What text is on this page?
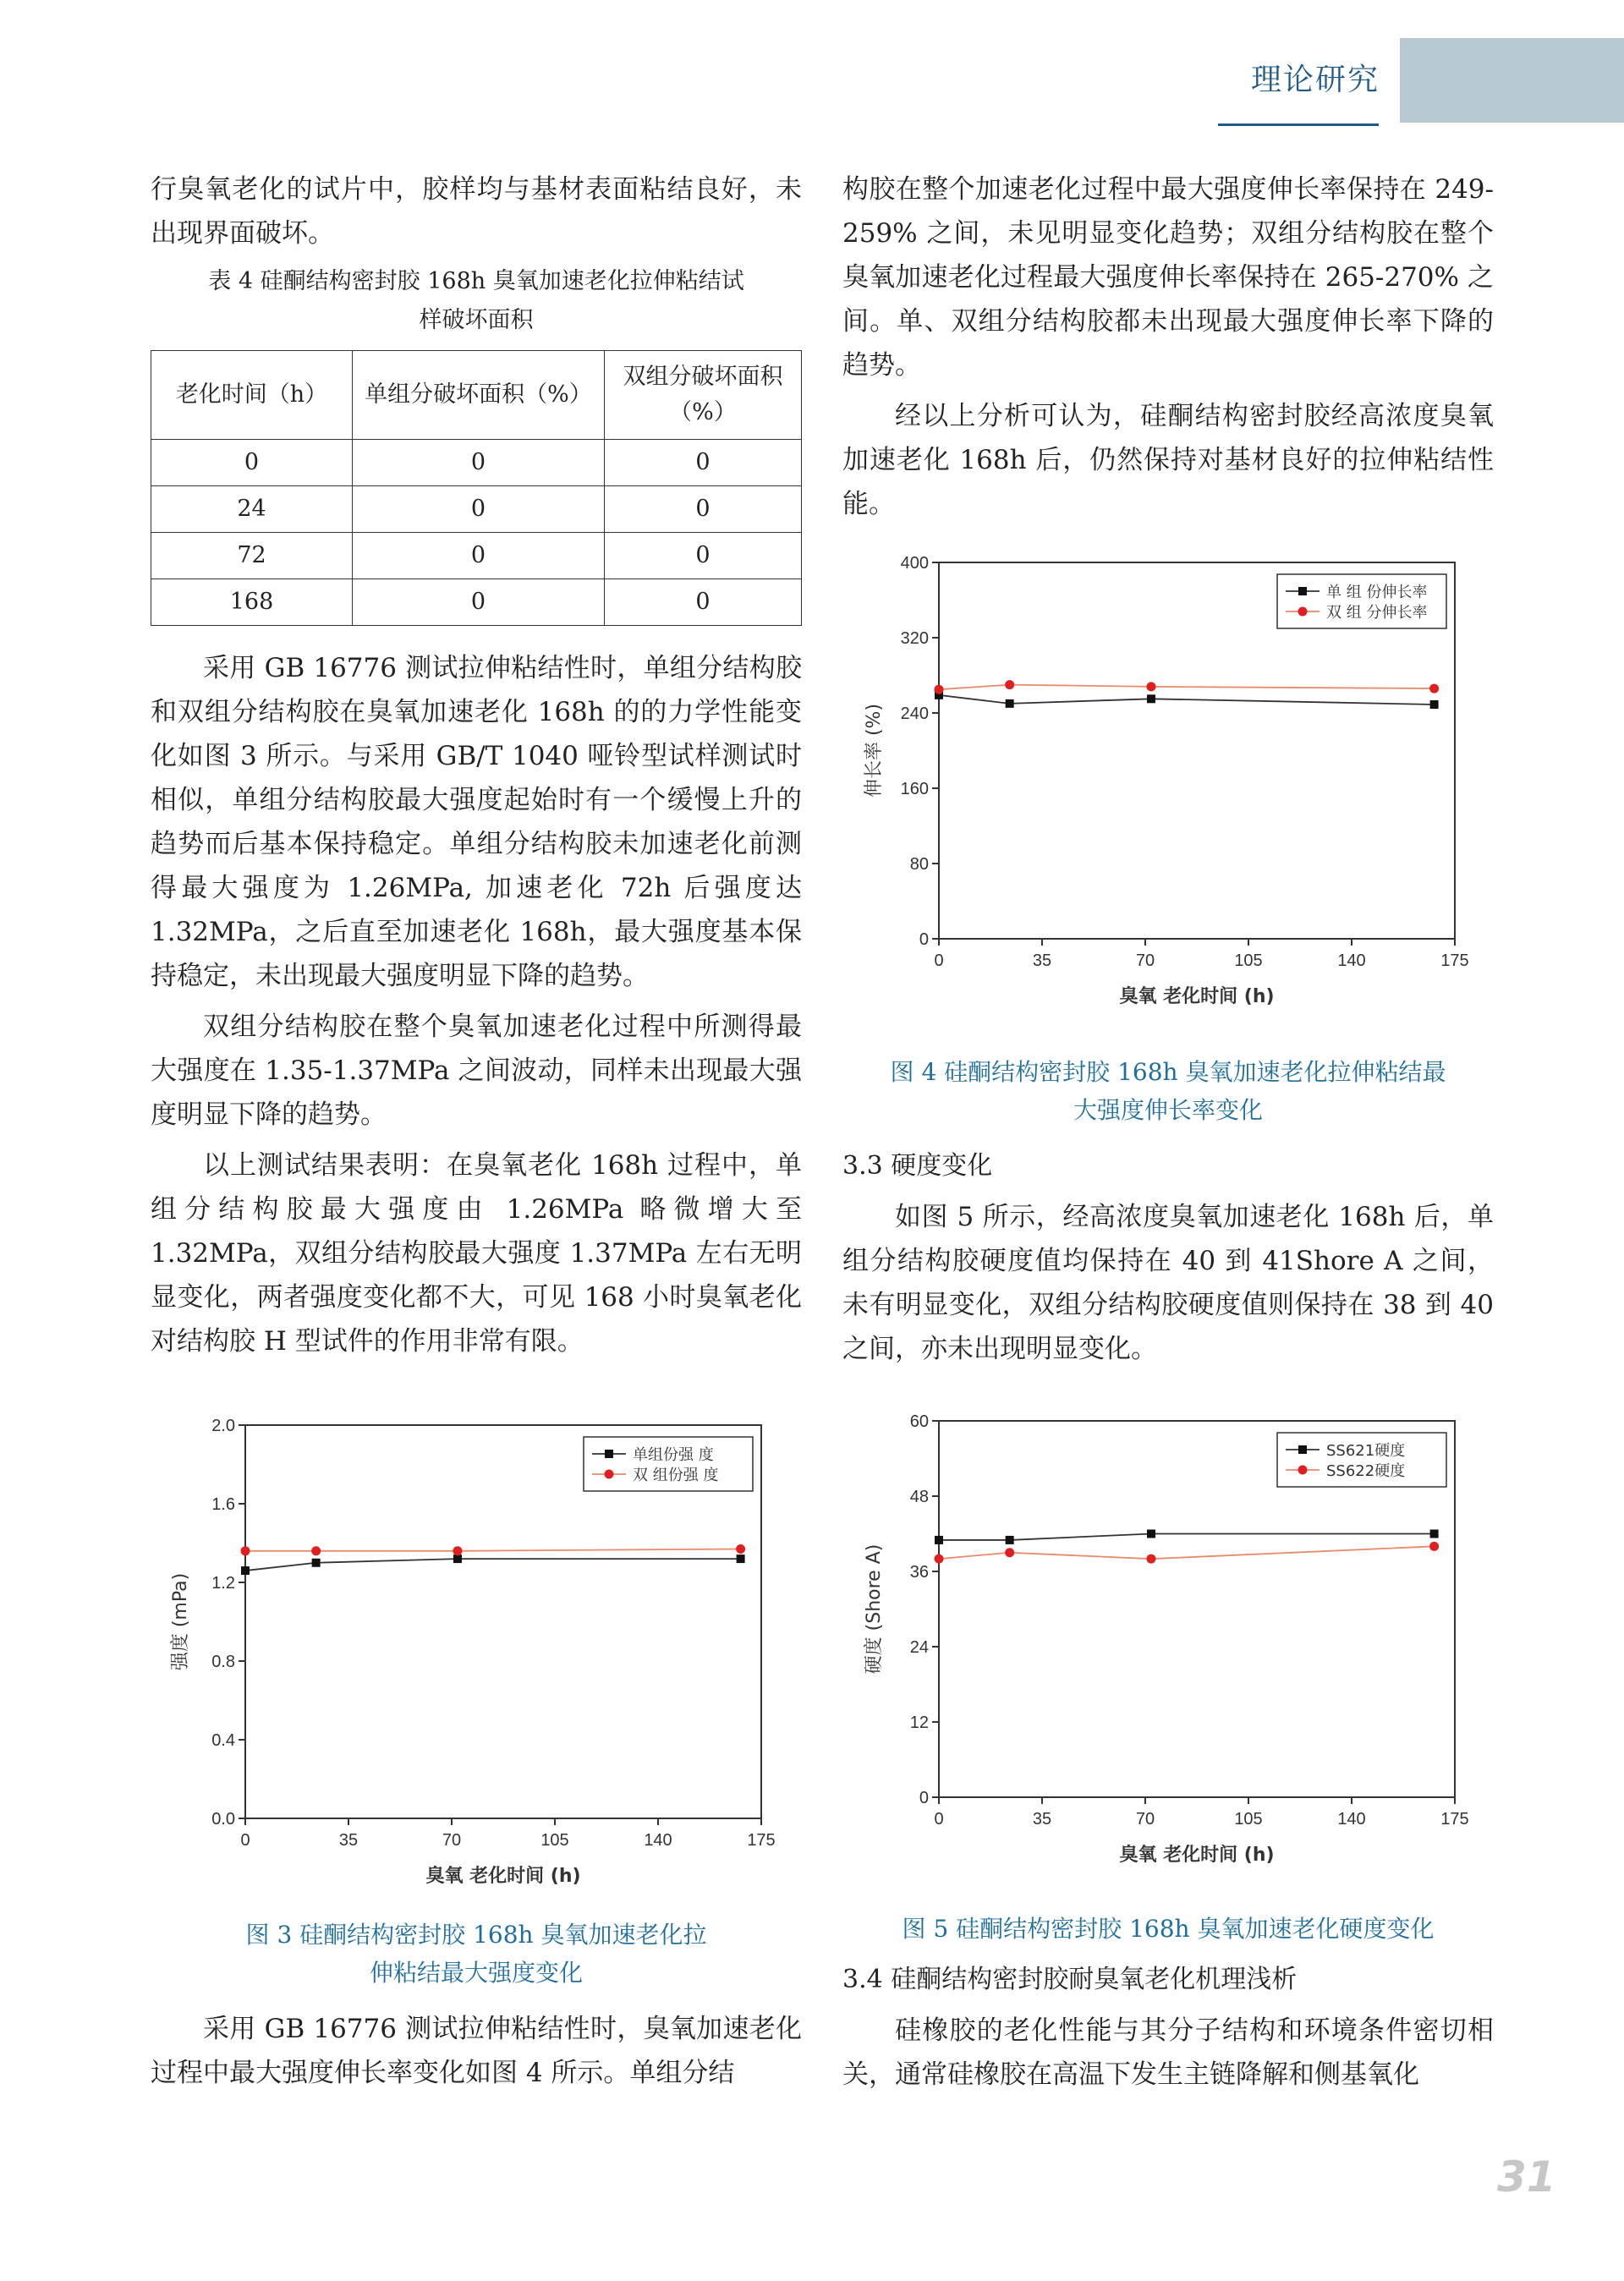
理论研究

行臭氧老化的试片中，胶样均与基材表面粘结良好，未出现界面破坏。

表 4 硅酮结构密封胶 168h 臭氧加速老化拉伸粘结试样破坏面积
老化时间（h）	单组分破坏面积（%）	双组分破坏面积（%）
0	0	0
24	0	0
72	0	0
168	0	0

采用 GB 16776 测试拉伸粘结性时，单组分结构胶和双组分结构胶在臭氧加速老化 168h 的的力学性能变化如图 3 所示。与采用 GB/T 1040 哑铃型试样测试时相似，单组分结构胶最大强度起始时有一个缓慢上升的趋势而后基本保持稳定。单组分结构胶未加速老化前测得最大强度为 1.26MPa, 加速老化 72h 后强度达 1.32MPa，之后直至加速老化 168h，最大强度基本保持稳定，未出现最大强度明显下降的趋势。

双组分结构胶在整个臭氧加速老化过程中所测得最大强度在 1.35-1.37MPa 之间波动，同样未出现最大强度明显下降的趋势。

以上测试结果表明：在臭氧老化 168h 过程中，单组分结构胶最大强度由 1.26MPa 略微增大至 1.32MPa，双组分结构胶最大强度 1.37MPa 左右无明显变化，两者强度变化都不大，可见 168 小时臭氧老化对结构胶 H 型试件的作用非常有限。

0	35	70	105	140	175
0.0
0.4
0.8
1.2
1.6
2.0
臭氧 老化时间 (h)
强度 (mPa)
单组份强 度
双 组份强 度
图 3 硅酮结构密封胶 168h 臭氧加速老化拉伸粘结最大强度变化

采用 GB 16776 测试拉伸粘结性时，臭氧加速老化过程中最大强度伸长率变化如图 4 所示。单组分结

构胶在整个加速老化过程中最大强度伸长率保持在 249-259% 之间，未见明显变化趋势；双组分结构胶在整个臭氧加速老化过程最大强度伸长率保持在 265-270% 之间。单、双组分结构胶都未出现最大强度伸长率下降的趋势。

经以上分析可认为，硅酮结构密封胶经高浓度臭氧加速老化 168h 后，仍然保持对基材良好的拉伸粘结性能。

0	35	70	105	140	175
0
80
160
240
320
400
臭氧 老化时间 (h)
伸长率 (%)
单 组 份伸长率
双 组 分伸长率
图 4 硅酮结构密封胶 168h 臭氧加速老化拉伸粘结最大强度伸长率变化

3.3 硬度变化

如图 5 所示，经高浓度臭氧加速老化 168h 后，单组分结构胶硬度值均保持在 40 到 41Shore A 之间，未有明显变化，双组分结构胶硬度值则保持在 38 到 40 之间，亦未出现明显变化。

0	35	70	105	140	175
0
12
24
36
48
60
臭氧 老化时间 (h)
硬度 (Shore A)
SS621硬度
SS622硬度
图 5 硅酮结构密封胶 168h 臭氧加速老化硬度变化

3.4 硅酮结构密封胶耐臭氧老化机理浅析

硅橡胶的老化性能与其分子结构和环境条件密切相关，通常硅橡胶在高温下发生主链降解和侧基氧化

31
